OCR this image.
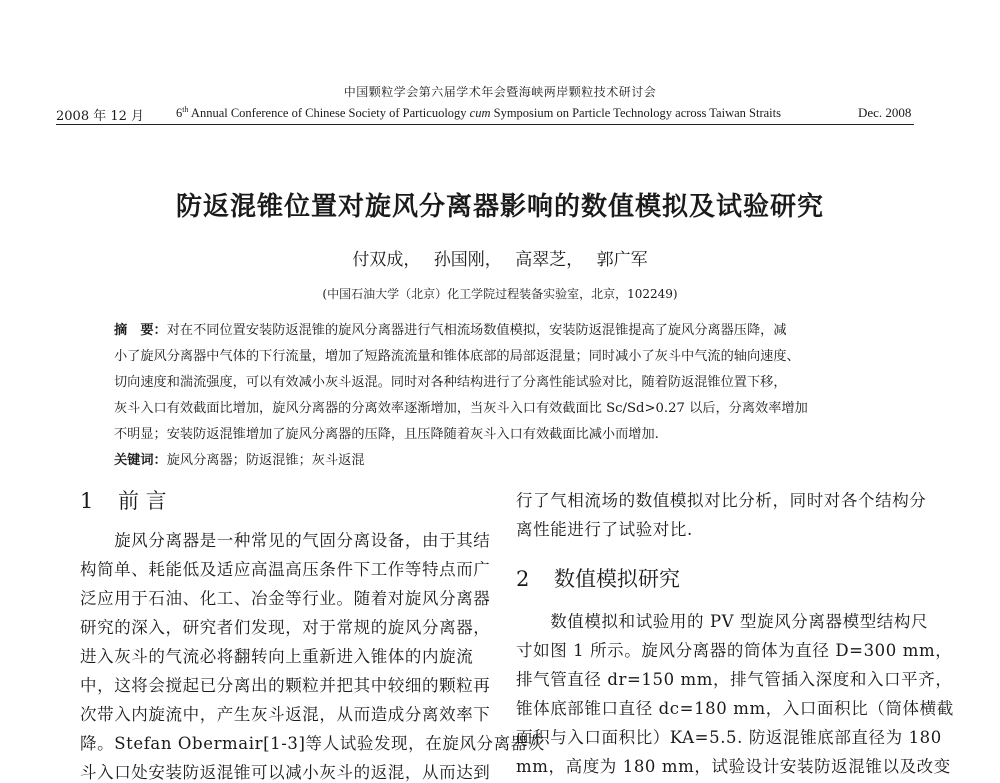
中国颗粒学会第六届学术年会暨海峡两岸颗粒技术研讨会
2008 年 12 月	6th Annual Conference of Chinese Society of Particuology cum Symposium on Particle Technology across Taiwan Straits	Dec. 2008
防返混锥位置对旋风分离器影响的数值模拟及试验研究
付双成， 孙国刚， 高翠芝， 郭广军
(中国石油大学（北京）化工学院过程装备实验室，北京，102249)
摘　要：对在不同位置安装防返混锥的旋风分离器进行气相流场数值模拟，安装防返混锥提高了旋风分离器压降，减
小了旋风分离器中气体的下行流量，增加了短路流流量和锥体底部的局部返混量；同时减小了灰斗中气流的轴向速度、
切向速度和湍流强度，可以有效减小灰斗返混。同时对各种结构进行了分离性能试验对比，随着防返混锥位置下移，
灰斗入口有效截面比增加，旋风分离器的分离效率逐渐增加，当灰斗入口有效截面比 Sc/Sd>0.27 以后，分离效率增加
不明显；安装防返混锥增加了旋风分离器的压降，且压降随着灰斗入口有效截面比减小而增加.
关键词：旋风分离器；防返混锥；灰斗返混
1 前 言
　　旋风分离器是一种常见的气固分离设备，由于其结
构简单、耗能低及适应高温高压条件下工作等特点而广
泛应用于石油、化工、冶金等行业。随着对旋风分离器
研究的深入，研究者们发现，对于常规的旋风分离器，
进入灰斗的气流必将翻转向上重新进入锥体的内旋流
中，这将会搅起已分离出的颗粒并把其中较细的颗粒再
次带入内旋流中，产生灰斗返混，从而造成分离效率下
降。Stefan Obermair[1-3]等人试验发现，在旋风分离器灰
斗入口处安装防返混锥可以减小灰斗的返混，从而达到
行了气相流场的数值模拟对比分析，同时对各个结构分
离性能进行了试验对比.
2 数值模拟研究
　　数值模拟和试验用的 PV 型旋风分离器模型结构尺
寸如图 1 所示。旋风分离器的筒体为直径 D=300 mm，
排气管直径 dr=150 mm，排气管插入深度和入口平齐，
锥体底部锥口直径 dc=180 mm，入口面积比（筒体横截
面积与入口面积比）KA=5.5. 防返混锥底部直径为 180
mm，高度为 180 mm，试验设计安装防返混锥以及改变
